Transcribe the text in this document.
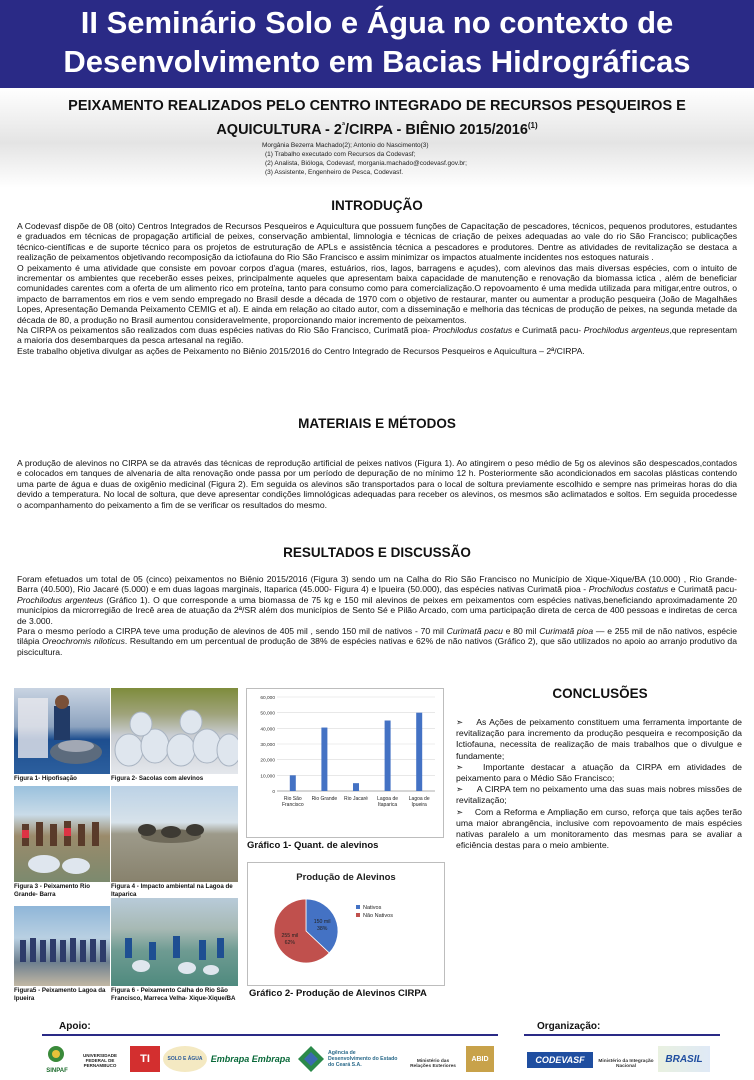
II Seminário Solo e Água no contexto de
Desenvolvimento em Bacias Hidrográficas
PEIXAMENTO REALIZADOS PELO CENTRO INTEGRADO DE RECURSOS PESQUEIROS E
AQUICULTURA - $2^ª$/CIRPA - BIÊNIO 2015/2016$^{(1)}$
Morgânia Bezerra Machado(2); Antonio do Nascimento(3)
(1) Trabalho executado com Recursos da Codevasf;
(2) Analista, Bióloga, Codevasf, morgania.machado@codevasf.gov.br;
(3) Assistente, Engenheiro de Pesca, Codevasf.
INTRODUÇÃO

A Codevasf dispõe de 08 (oito) Centros Integrados de Recursos Pesqueiros e Aquicultura que possuem funções de Capacitação de pescadores, técnicos, pequenos produtores, estudantes e graduados em técnicas de propagação artificial de peixes, conservação ambiental, limnologia e técnicas de criação de peixes adequadas ao vale do rio São Francisco; publicações técnico-científicas e de suporte técnico para os projetos de estruturação de APLs e assistência técnica a pescadores e produtores. Dentre as atividades de revitalização se destaca a realização de peixamentos objetivando recomposição da ictiofauna do Rio São Francisco e assim minimizar os impactos atualmente incidentes nos estoques naturais .

O peixamento é uma atividade que consiste em povoar corpos d'agua (mares, estuários, rios, lagos, barragens e açudes), com alevinos das mais diversas espécies, com o intuito de incrementar os ambientes que receberão esses peixes, principalmente aqueles que apresentam baixa capacidade de manutenção e renovação da biomassa ictica , além de beneficiar comunidades carentes com a oferta de um alimento rico em proteína, tanto para consumo como para comercialização.O repovoamento é uma medida utilizada para mitigar,entre outros, o impacto de barramentos em rios e vem sendo empregado no Brasil desde a década de 1970 com o objetivo de restaurar, manter ou aumentar a produção pesqueira (João de Magalhães Lopes, Apresentação Demanda Peixamento CEMIG et al). E ainda em relação ao citado autor, com a disseminação e melhoria das técnicas de produção de peixes, na segunda metade da década de 80, a produção no Brasil aumentou consideravelmente, proporcionando maior incremento de peixamentos.

Na CIRPA os peixamentos são realizados com duas espécies nativas do Rio São Francisco, Curimatã pioa- Prochilodus costatus e Curimatã pacu- Prochilodus argenteus,que representam a maioria dos desembarques da pesca artesanal na região.

Este trabalho objetiva divulgar as ações de Peixamento no Biênio 2015/2016 do Centro Integrado de Recursos Pesqueiros e Aquicultura – 2ª/CIRPA.

MATERIAIS E MÉTODOS

A produção de alevinos no CIRPA se da através das técnicas de reprodução artificial de peixes nativos (Figura 1). Ao atingirem o peso médio de 5g os alevinos são despescados,contados e colocados em tanques de alvenaria de alta renovação onde passa por um período de depuração de no mínimo 12 h. Posteriormente são acondicionados em sacolas plásticas contendo uma parte de água e duas de oxigênio medicinal (Figura 2). Em seguida os alevinos são transportados para o local de soltura previamente escolhido e sempre nas primeiras horas do dia devido a temperatura. No local de soltura, que deve apresentar condições limnológicas adequadas para receber os alevinos, os mesmos são aclimatados e soltos. Em seguida procedesse o acompanhamento do peixamento a fim de se verificar os resultados do mesmo.

RESULTADOS E DISCUSSÃO

Foram efetuados um total de 05 (cinco) peixamentos no Biênio 2015/2016 (Figura 3) sendo um na Calha do Rio São Francisco no Município de Xique-Xique/BA (10.000) , Rio Grande- Barra (40.500), Rio Jacaré (5.000) e em duas lagoas marginais, Itaparica (45.000- Figura 4) e Ipueira (50.000), das espécies nativas Curimatã pioa - Prochilodus costatus e Curimatã pacu- Prochilodus argenteus (Gráfico 1). O que corresponde a uma biomassa de 75 kg e 150 mil alevinos de peixes em peixamentos com espécies nativas,beneficiando aproximadamente 20 municípios da microrregião de Irecê area de atuação da 2ª/SR além dos municípios de Sento Sé e Pilão Arcado, com uma participação direta de cerca de 400 pessoas e indiretas de cerca de 3.000.

Para o mesmo período a CIRPA teve uma produção de alevinos de 405 mil , sendo 150 mil de nativos - 70 mil Curimatã pacu e 80 mil Curimatã pioa — e 255 mil de não nativos, espécie tilápia Oreochromis niloticus. Resultando em um percentual de produção de 38% de espécies nativas e 62% de não nativos (Gráfico 2), que são utilizados no apoio ao arranjo produtivo da piscicultura.

Figura 1- Hipofisação	Figura 2- Sacolas com alevinos
Figura 3 - Peixamento Rio Grande- Barra
Figura 4 - Impacto ambiental na Lagoa de Itaparica
Figura5 - Peixamento Lagoa da Ipueira
Figura 6 - Peixamento Calha do Rio São Francisco, Marreca Velha- Xique-Xique/BA
0
10,000
20,000
30,000
40,000
50,000
60,000
Rio São Francisco
Rio Grande Rio Jacaré Lagoa de Itaparica
Lagoa de Ipueira
Gráfico 1- Quant. de alevinos
Produção de Alevinos
150 mil 38%
255 mil 62%
Nativos
Não Nativos
Gráfico 2- Produção de Alevinos CIRPA
CONCLUSÕES

➣    As Ações de peixamento constituem uma ferramenta importante de revitalização para incremento da produção pesqueira e recomposição da Ictiofauna, necessita de realização de mais trabalhos que o divulgue e fundamente;

➣   Importante destacar a atuação da CIRPA em atividades de peixamento para o Médio São Francisco;

➣     A CIRPA tem no peixamento uma das suas mais nobres missões de revitalização;

➣    Com a Reforma e Ampliação em curso, reforça que tais ações terão uma maior abrangência, inclusive com repovoamento de mais espécies nativas paralelo a um monitoramento das mesmas para se avaliar a eficiência destas para o meio ambiente.

Apoio:	Organização:
SINPAF
UNIVERSIDADE FEDERAL DE PERNAMBUCO
TI	SOLO E ÁGUA Embrapa Embrapa
Agência de Desenvolvimento do Estado do Ceará S.A.
Ministério das Relações Exteriores
ABID	CODEVASF	Ministério da Integração Nacional
BRASIL
